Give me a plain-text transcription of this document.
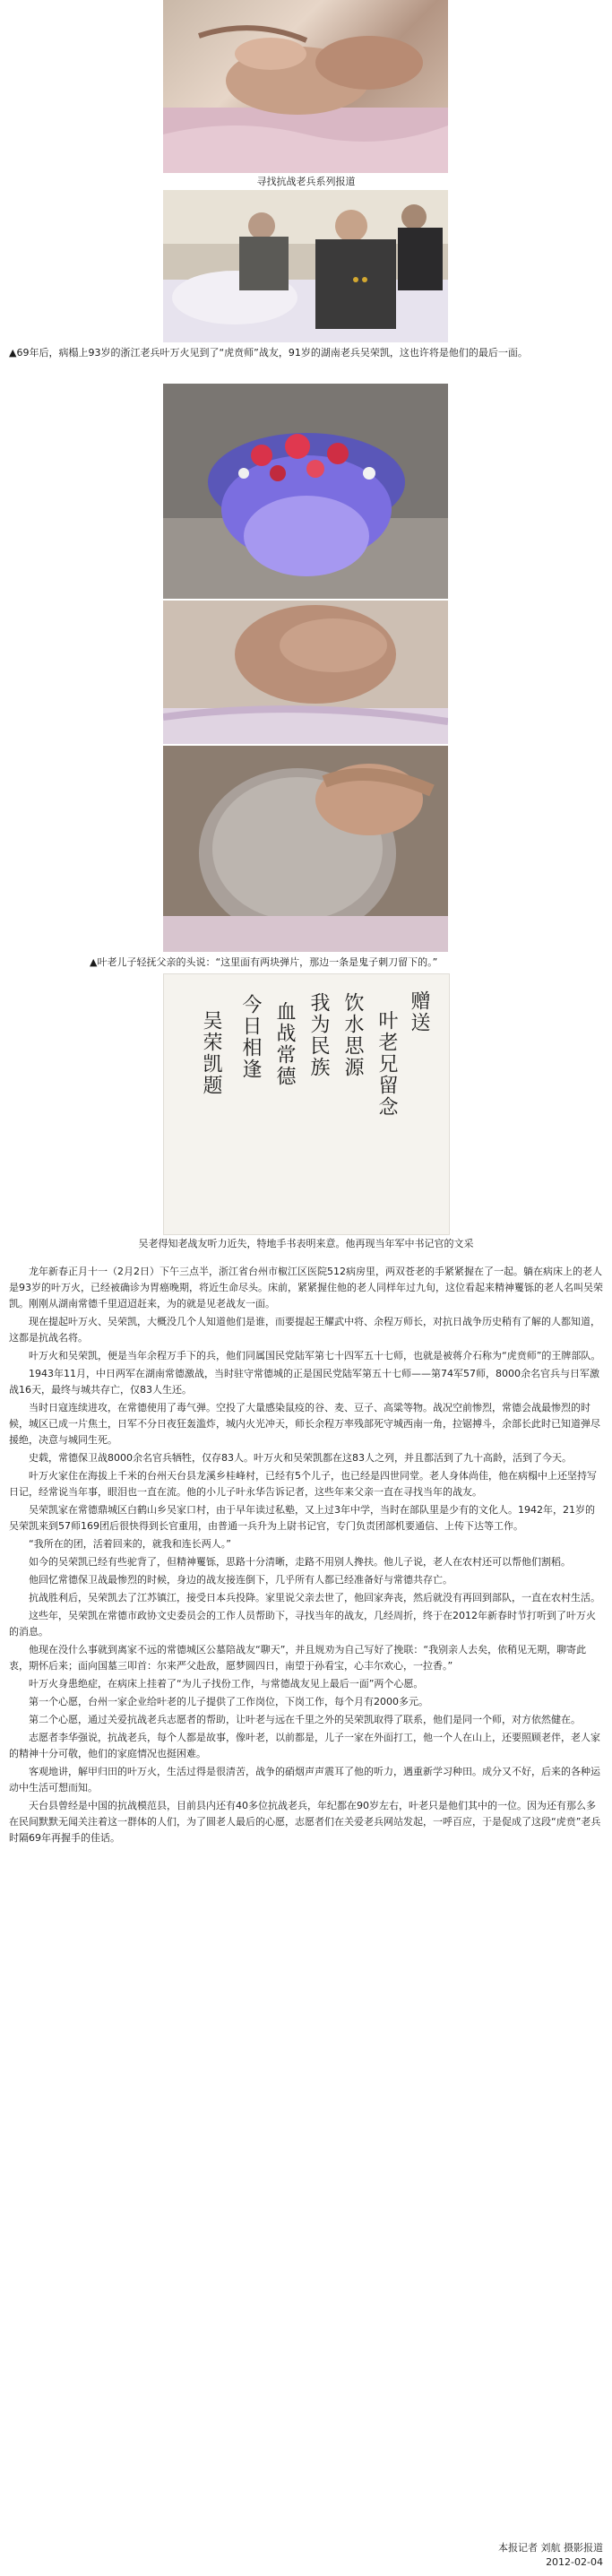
寻找抗战老兵系列报道
▲69年后，病榻上93岁的浙江老兵叶万火见到了“虎贲师”战友，91岁的湖南老兵吴荣凯，这也许将是他们的最后一面。
▲叶老儿子轻抚父亲的头说：“这里面有两块弹片，那边一条是鬼子刺刀留下的。”
赠送
叶老兄留念
饮水思源
我为民族
血战常德
今日相逢
吴荣凯题
吴老得知老战友听力近失，特地手书表明来意。他再现当年军中书记官的文采

龙年新春正月十一（2月2日）下午三点半，浙江省台州市椒江区医院512病房里，两双苍老的手紧紧握在了一起。躺在病床上的老人是93岁的叶万火，已经被确诊为胃癌晚期，将近生命尽头。床前，紧紧握住他的老人同样年过九旬，这位看起来精神矍铄的老人名叫吴荣凯。刚刚从湖南常德千里迢迢赶来，为的就是见老战友一面。

现在提起叶万火、吴荣凯，大概没几个人知道他们是谁，而要提起王耀武中将、余程万师长，对抗日战争历史稍有了解的人都知道，这都是抗战名将。

叶万火和吴荣凯，便是当年余程万手下的兵，他们同属国民党陆军第七十四军五十七师，也就是被蒋介石称为“虎贲师”的王牌部队。

1943年11月，中日两军在湖南常德激战，当时驻守常德城的正是国民党陆军第五十七师——第74军57师，8000余名官兵与日军激战16天，最终与城共存亡，仅83人生还。

当时日寇连续进攻，在常德使用了毒气弹。空投了大量感染鼠疫的谷、麦、豆子、高粱等物。战况空前惨烈，常德会战最惨烈的时候，城区已成一片焦土，日军不分日夜狂轰滥炸，城内火光冲天，师长余程万率残部死守城西南一角，拉锯搏斗，余部长此时已知道弹尽援绝，决意与城同生死。

史载，常德保卫战8000余名官兵牺牲，仅存83人。叶万火和吴荣凯都在这83人之列，并且都活到了九十高龄，活到了今天。

叶万火家住在海拔上千米的台州天台县龙溪乡桂峰村，已经有5个儿子，也已经是四世同堂。老人身体尚佳，他在病榻中上还坚持写日记，经常说当年事，眼泪也一直在流。他的小儿子叶永华告诉记者，这些年来父亲一直在寻找当年的战友。

吴荣凯家在常德鼎城区白鹤山乡吴家口村，由于早年读过私塾，又上过3年中学，当时在部队里是少有的文化人。1942年，21岁的吴荣凯来到57师169团后很快得到长官重用，由普通一兵升为上尉书记官，专门负责团部机要通信、上传下达等工作。

“我所在的团，活着回来的，就我和连长两人。”

如今的吴荣凯已经有些驼背了，但精神矍铄，思路十分清晰，走路不用别人搀扶。他儿子说，老人在农村还可以帮他们割稻。

他回忆常德保卫战最惨烈的时候，身边的战友接连倒下，几乎所有人都已经准备好与常德共存亡。

抗战胜利后，吴荣凯去了江苏镇江，接受日本兵投降。家里说父亲去世了，他回家奔丧，然后就没有再回到部队，一直在农村生活。

这些年，吴荣凯在常德市政协文史委员会的工作人员帮助下，寻找当年的战友，几经周折，终于在2012年新春时节打听到了叶万火的消息。

他现在没什么事就到离家不远的常德城区公墓陪战友“聊天”，并且规劝为自己写好了挽联：“我别亲人去矣，依稍见无期，聊寄此衷，期怀后来；面向国墓三叩首：尔来严父赴敌，愿梦圆四日，南望于孙看宝，心丰尔欢心，一拉香。”

叶万火身患绝症，在病床上挂着了“为儿子找份工作，与常德战友见上最后一面”两个心愿。

第一个心愿，台州一家企业给叶老的儿子提供了工作岗位，下岗工作，每个月有2000多元。

第二个心愿，通过关爱抗战老兵志愿者的帮助，让叶老与远在千里之外的吴荣凯取得了联系，他们是同一个师，对方依然健在。

志愿者李华强说，抗战老兵，每个人都是故事，像叶老，以前都是，儿子一家在外面打工，他一个人在山上，还要照顾老伴，老人家的精神十分可敬，他们的家庭情况也挺困难。

客观地讲，解甲归田的叶万火，生活过得是很清苦，战争的硝烟声声震耳了他的听力，遇重新学习种田。成分又不好，后来的各种运动中生活可想而知。

天台县曾经是中国的抗战模范县，目前县内还有40多位抗战老兵，年纪都在90岁左右，叶老只是他们其中的一位。因为还有那么多在民间默默无闻关注着这一群体的人们，为了圆老人最后的心愿，志愿者们在关爱老兵网站发起，一呼百应，于是促成了这段“虎贲”老兵时隔69年再握手的佳话。

本报记者 刘航 摄影报道
2012-02-04
